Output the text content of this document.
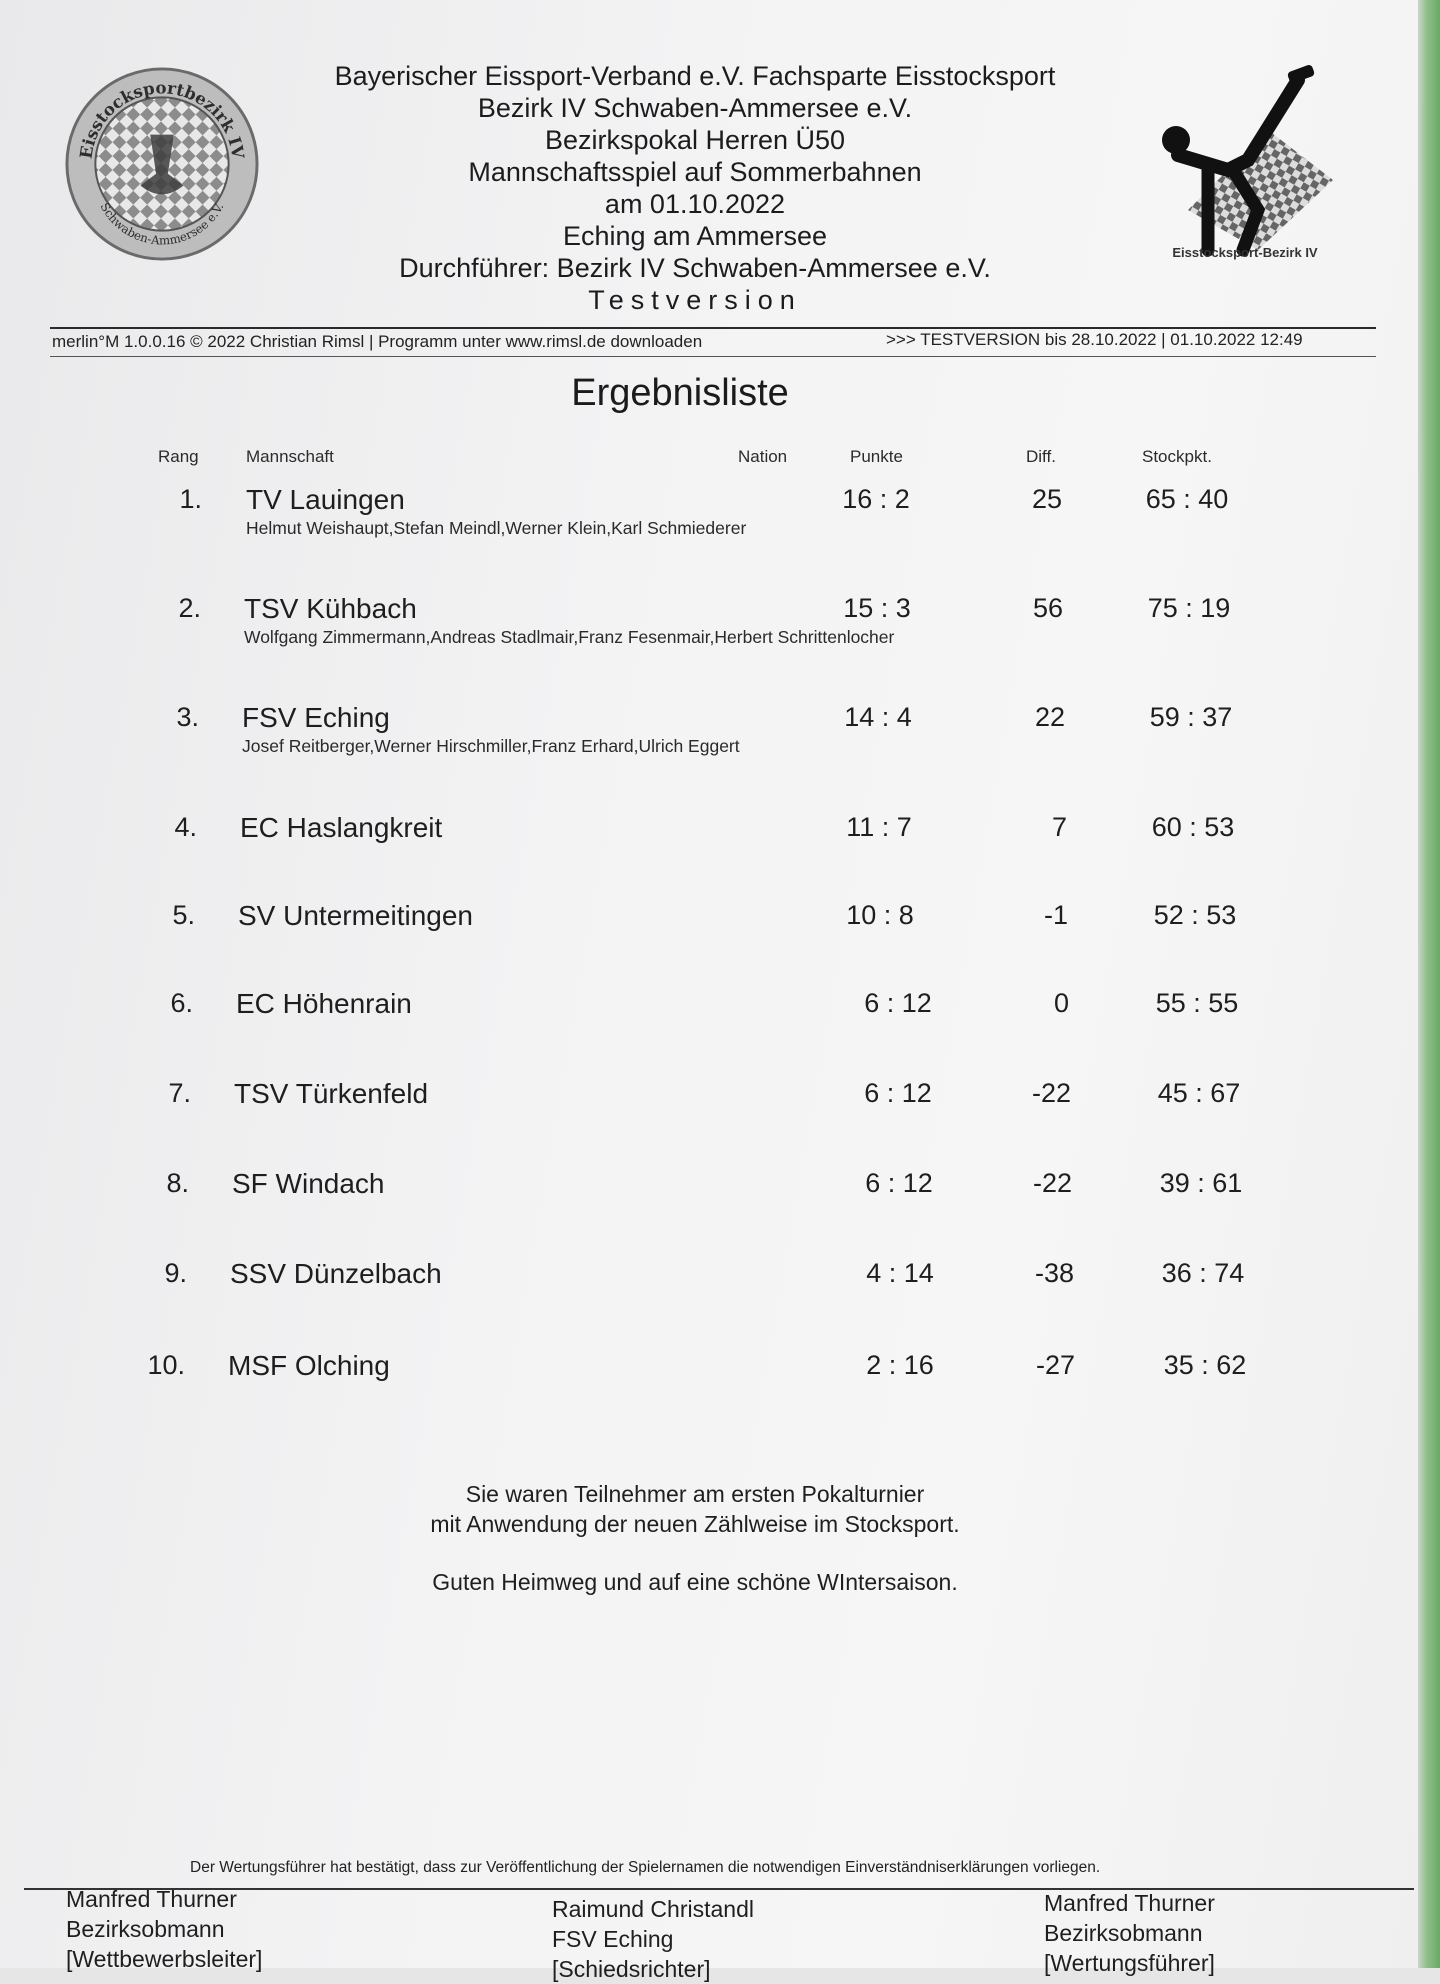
Eisstocksportbezirk IV
Schwaben-Ammersee e.V.
Eisstocksport-Bezirk IV
Bayerischer Eissport-Verband e.V. Fachsparte Eisstocksport
Bezirk IV Schwaben-Ammersee e.V.
Bezirkspokal Herren Ü50
Mannschaftsspiel auf Sommerbahnen
am 01.10.2022
Eching am Ammersee
Durchführer: Bezirk IV Schwaben-Ammersee e.V.
Testversion
merlin°M 1.0.0.16 © 2022 Christian Rimsl | Programm unter www.rimsl.de downloaden	>>> TESTVERSION bis 28.10.2022 | 01.10.2022 12:49
Ergebnisliste
Rang	Mannschaft	Nation	Punkte	Diff.	Stockpkt.
1. TV Lauingen
Helmut Weishaupt,Stefan Meindl,Werner Klein,Karl Schmiederer
16 : 2	25	65 : 40
2. TSV Kühbach
Wolfgang Zimmermann,Andreas Stadlmair,Franz Fesenmair,Herbert Schrittenlocher
15 : 3	56	75 : 19
3. FSV Eching
Josef Reitberger,Werner Hirschmiller,Franz Erhard,Ulrich Eggert
14 : 4	22	59 : 37
4. EC Haslangkreit	11 : 7	7	60 : 53
5. SV Untermeitingen	10 : 8	-1	52 : 53
6. EC Höhenrain	6 : 12	0	55 : 55
7. TSV Türkenfeld	6 : 12	-22	45 : 67
8. SF Windach	6 : 12	-22	39 : 61
9. SSV Dünzelbach	4 : 14	-38	36 : 74
10. MSF Olching	2 : 16	-27	35 : 62
Sie waren Teilnehmer am ersten Pokalturnier
mit Anwendung der neuen Zählweise im Stocksport.
Guten Heimweg und auf eine schöne WIntersaison.
Der Wertungsführer hat bestätigt, dass zur Veröffentlichung der Spielernamen die notwendigen Einverständniserklärungen vorliegen.
Manfred Thurner
Bezirksobmann
[Wettbewerbsleiter]
Raimund Christandl
FSV Eching
[Schiedsrichter]
Manfred Thurner
Bezirksobmann
[Wertungsführer]
